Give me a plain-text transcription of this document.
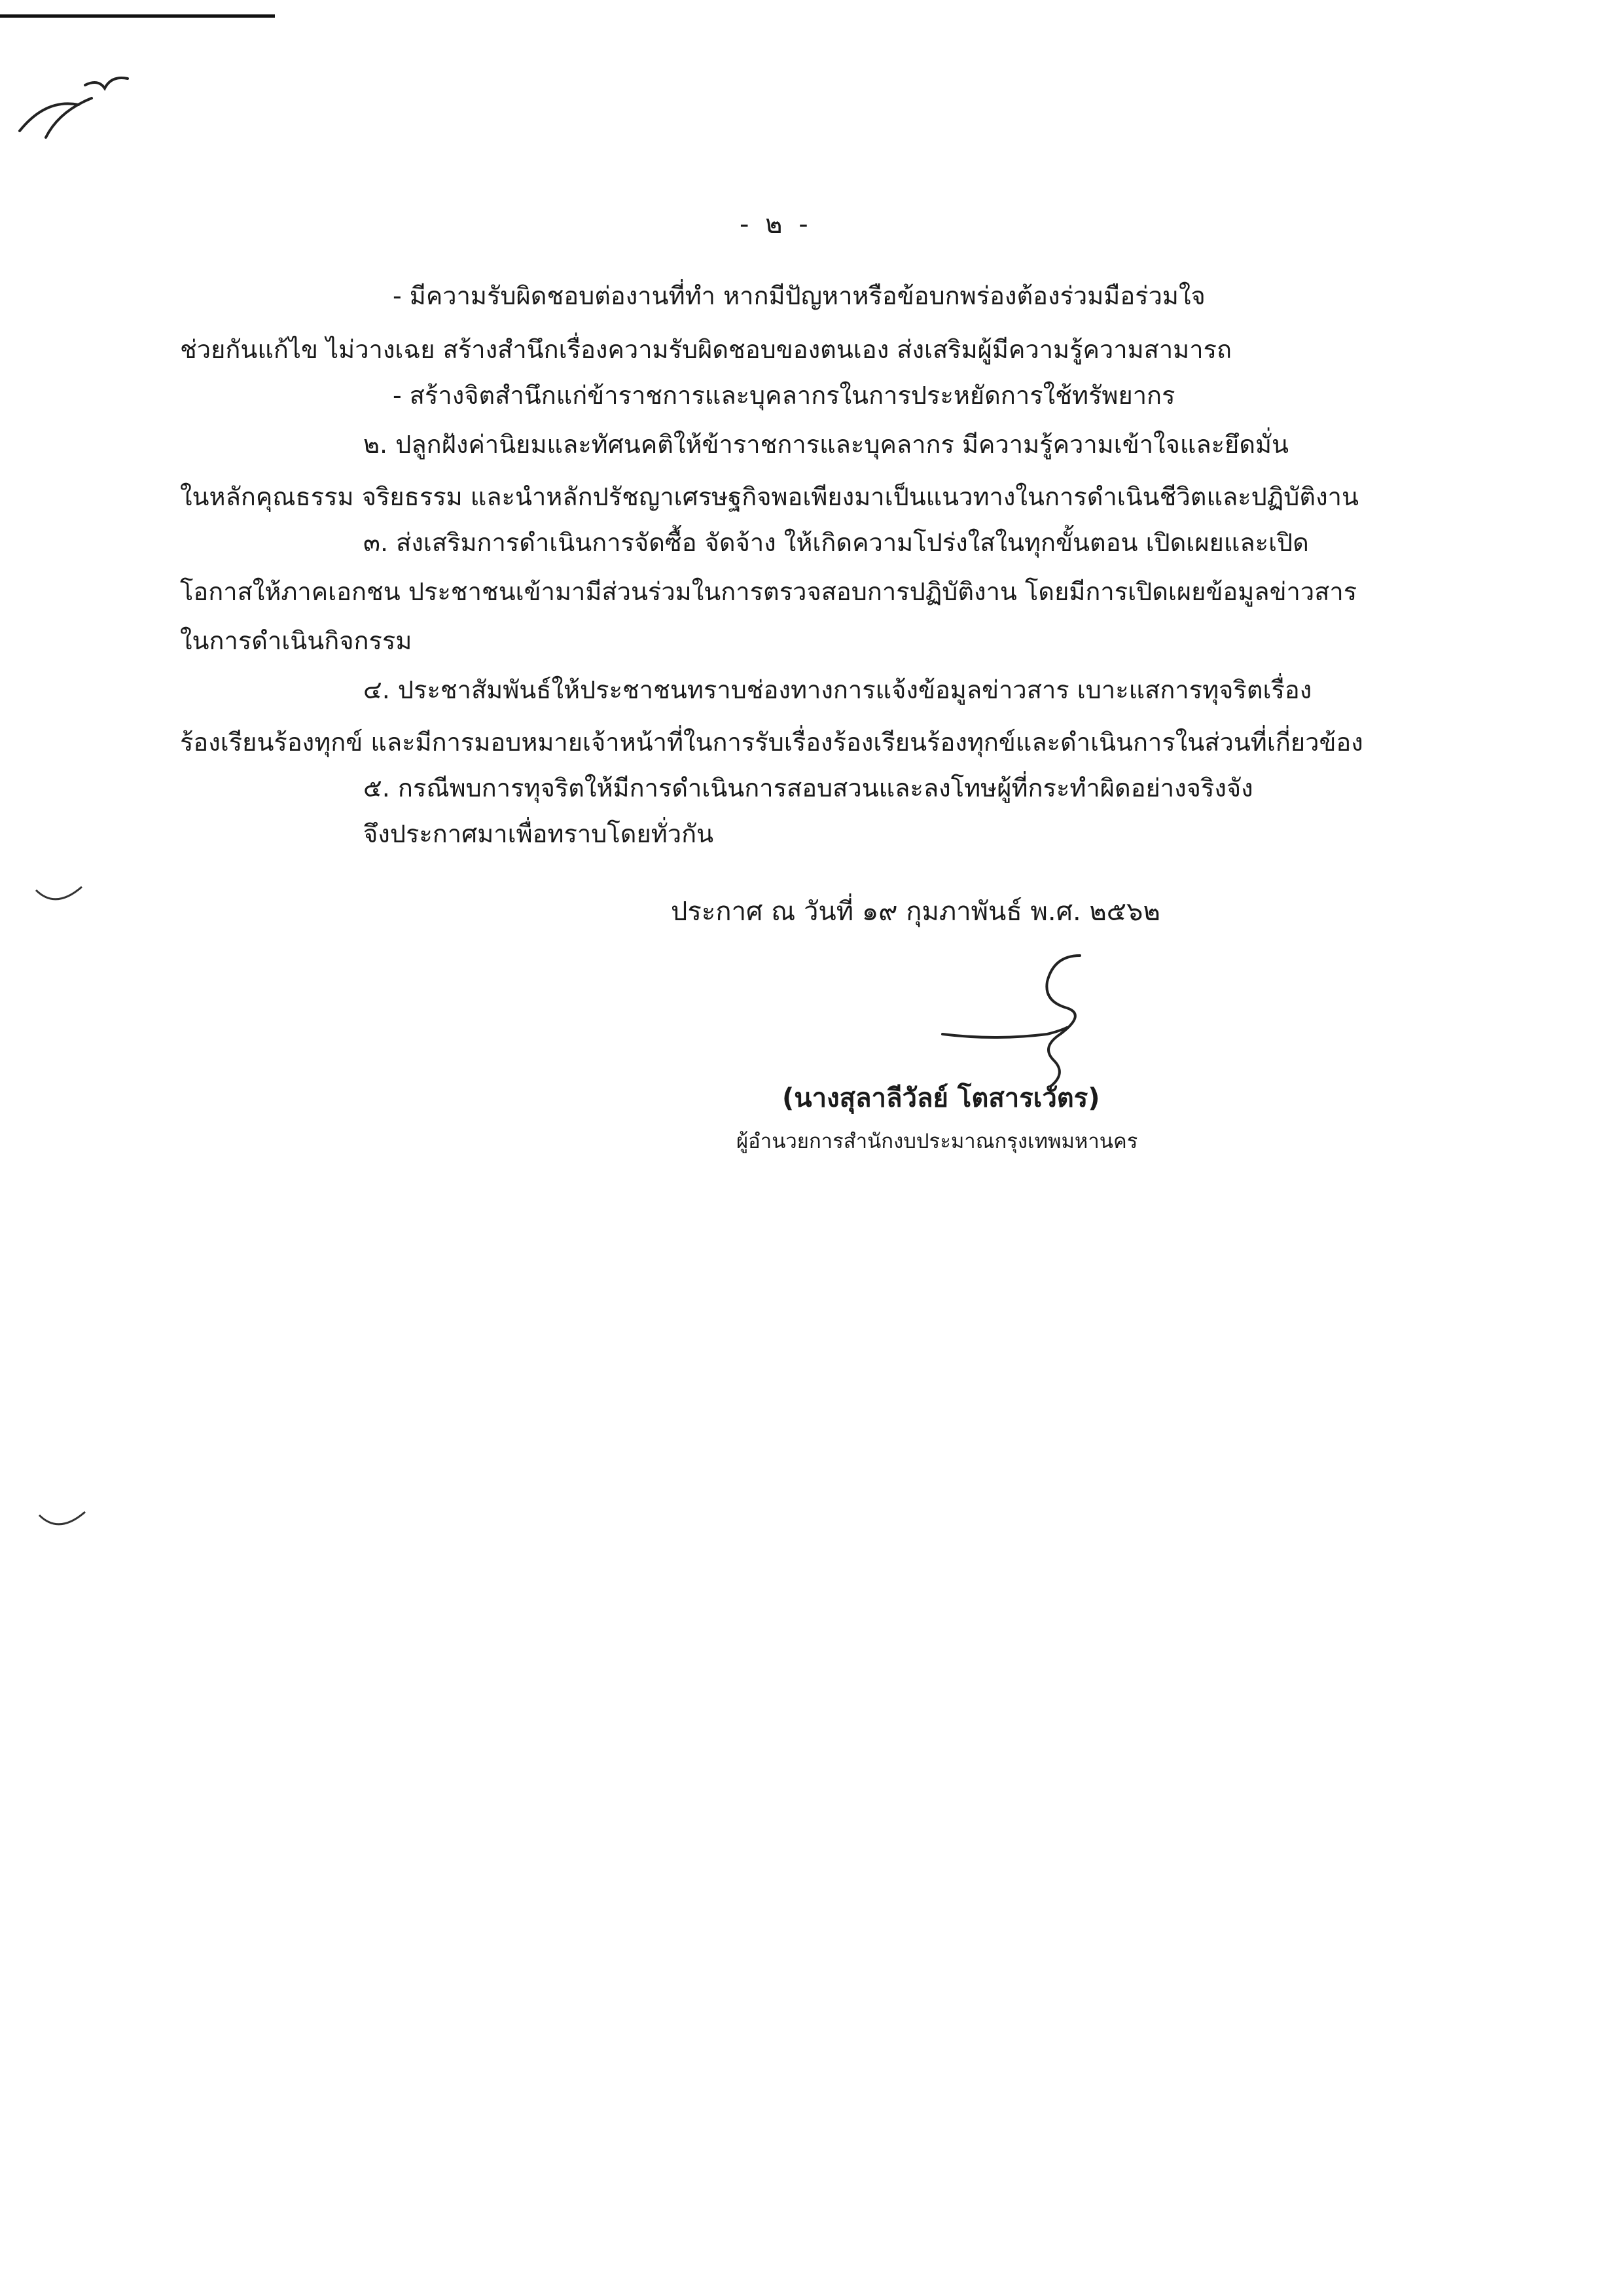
- ๒ -
- มีความรับผิดชอบต่องานที่ทำ หากมีปัญหาหรือข้อบกพร่องต้องร่วมมือร่วมใจ
ช่วยกันแก้ไข ไม่วางเฉย สร้างสำนึกเรื่องความรับผิดชอบของตนเอง ส่งเสริมผู้มีความรู้ความสามารถ
- สร้างจิตสำนึกแก่ข้าราชการและบุคลากรในการประหยัดการใช้ทรัพยากร
๒. ปลูกฝังค่านิยมและทัศนคติให้ข้าราชการและบุคลากร มีความรู้ความเข้าใจและยึดมั่น
ในหลักคุณธรรม จริยธรรม และนำหลักปรัชญาเศรษฐกิจพอเพียงมาเป็นแนวทางในการดำเนินชีวิตและปฏิบัติงาน
๓. ส่งเสริมการดำเนินการจัดซื้อ จัดจ้าง ให้เกิดความโปร่งใสในทุกขั้นตอน เปิดเผยและเปิด
โอกาสให้ภาคเอกชน ประชาชนเข้ามามีส่วนร่วมในการตรวจสอบการปฏิบัติงาน โดยมีการเปิดเผยข้อมูลข่าวสาร
ในการดำเนินกิจกรรม
๔. ประชาสัมพันธ์ให้ประชาชนทราบช่องทางการแจ้งข้อมูลข่าวสาร เบาะแสการทุจริตเรื่อง
ร้องเรียนร้องทุกข์ และมีการมอบหมายเจ้าหน้าที่ในการรับเรื่องร้องเรียนร้องทุกข์และดำเนินการในส่วนที่เกี่ยวข้อง
๕. กรณีพบการทุจริตให้มีการดำเนินการสอบสวนและลงโทษผู้ที่กระทำผิดอย่างจริงจัง
จึงประกาศมาเพื่อทราบโดยทั่วกัน
ประกาศ ณ วันที่ ๑๙ กุมภาพันธ์ พ.ศ. ๒๕๖๒
(นางสุลาลีวัลย์ โตสารเวัตร)
ผู้อำนวยการสำนักงบประมาณกรุงเทพมหานคร
